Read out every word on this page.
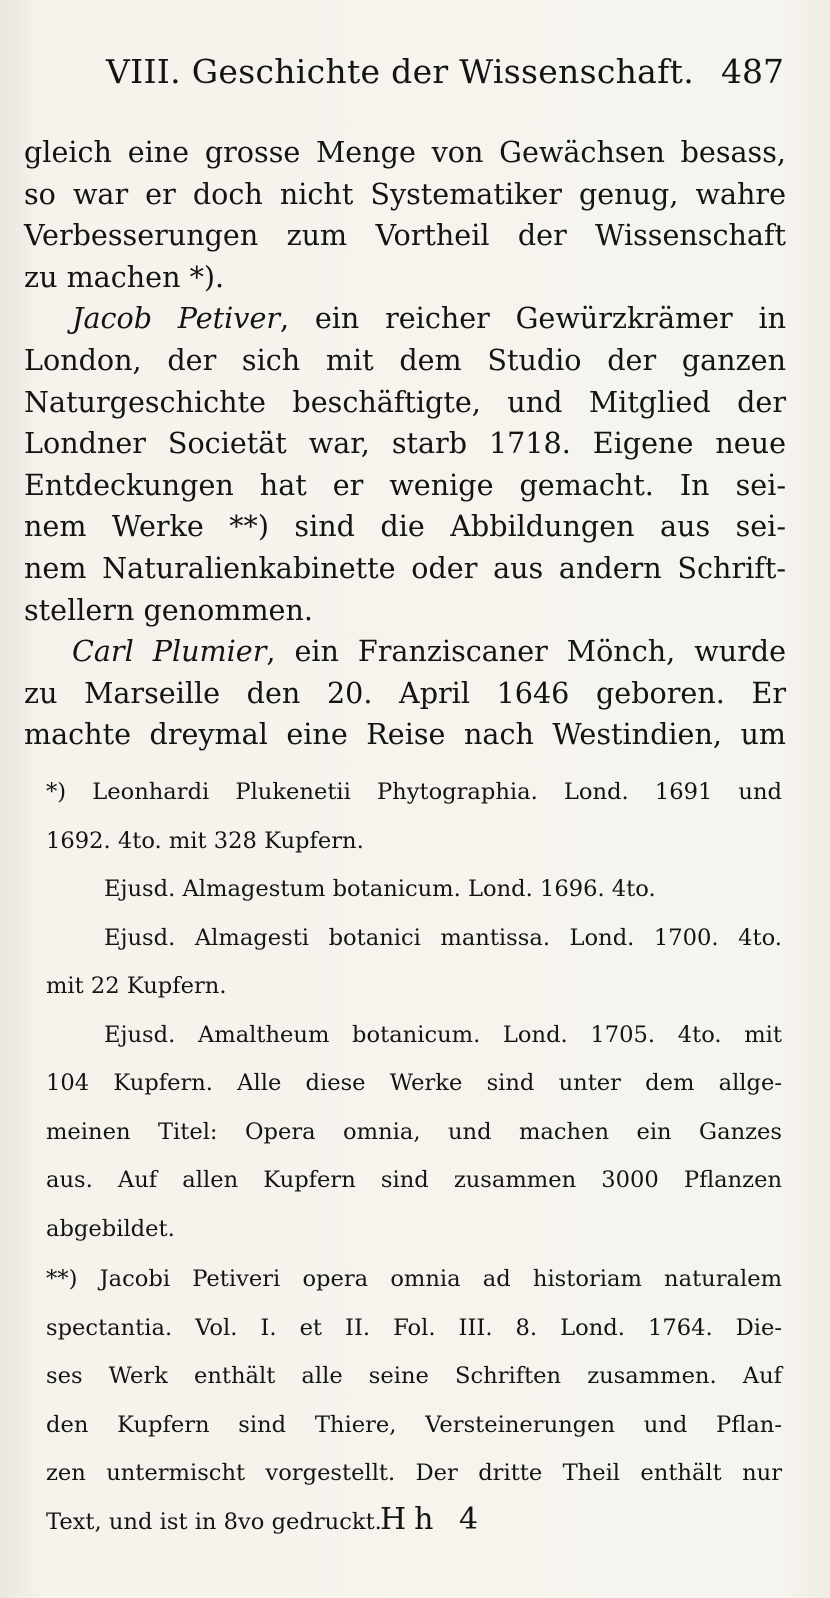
VIII. Geschichte der Wissenschaft. 487
gleich eine grosse Menge von Gewächsen besass,
so war er doch nicht Systematiker genug, wahre
Verbesserungen zum Vortheil der Wissenschaft
zu machen *).
Jacob Petiver, ein reicher Gewürzkrämer in
London, der sich mit dem Studio der ganzen
Naturgeschichte beschäftigte, und Mitglied der
Londner Societät war, starb 1718. Eigene neue
Entdeckungen hat er wenige gemacht. In sei-
nem Werke **) sind die Abbildungen aus sei-
nem Naturalienkabinette oder aus andern Schrift-
stellern genommen.
Carl Plumier, ein Franziscaner Mönch, wurde
zu Marseille den 20. April 1646 geboren. Er
machte dreymal eine Reise nach Westindien, um
*) Leonhardi Plukenetii Phytographia. Lond. 1691 und
1692. 4to. mit 328 Kupfern.
Ejusd. Almagestum botanicum. Lond. 1696. 4to.
Ejusd. Almagesti botanici mantissa. Lond. 1700. 4to.
mit 22 Kupfern.
Ejusd. Amaltheum botanicum. Lond. 1705. 4to. mit
104 Kupfern. Alle diese Werke sind unter dem allge-
meinen Titel: Opera omnia, und machen ein Ganzes
aus. Auf allen Kupfern sind zusammen 3000 Pflanzen
abgebildet.
**) Jacobi Petiveri opera omnia ad historiam naturalem
spectantia. Vol. I. et II. Fol. III. 8. Lond. 1764. Die-
ses Werk enthält alle seine Schriften zusammen. Auf
den Kupfern sind Thiere, Versteinerungen und Pflan-
zen untermischt vorgestellt. Der dritte Theil enthält nur
Text, und ist in 8vo gedruckt.
Hh 4
